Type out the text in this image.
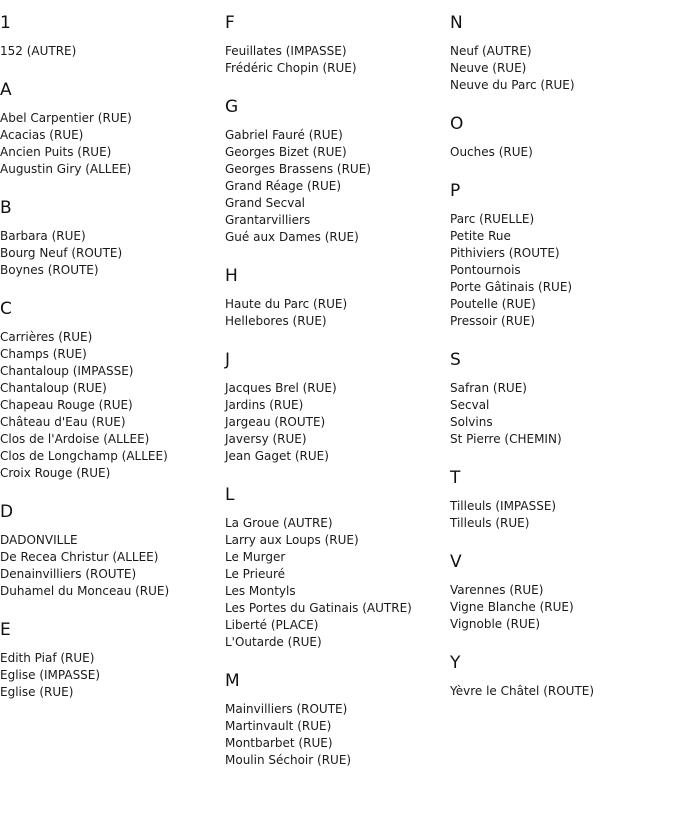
1
152 (AUTRE)
A
Abel Carpentier (RUE)
Acacias (RUE)
Ancien Puits (RUE)
Augustin Giry (ALLEE)
B
Barbara (RUE)
Bourg Neuf (ROUTE)
Boynes (ROUTE)
C
Carrières (RUE)
Champs (RUE)
Chantaloup (IMPASSE)
Chantaloup (RUE)
Chapeau Rouge (RUE)
Château d'Eau (RUE)
Clos de l'Ardoise (ALLEE)
Clos de Longchamp (ALLEE)
Croix Rouge (RUE)
D
DADONVILLE
De Recea Christur (ALLEE)
Denainvilliers (ROUTE)
Duhamel du Monceau (RUE)
E
Edith Piaf (RUE)
Eglise (IMPASSE)
Eglise (RUE)
F
Feuillates (IMPASSE)
Frédéric Chopin (RUE)
G
Gabriel Fauré (RUE)
Georges Bizet (RUE)
Georges Brassens (RUE)
Grand Réage (RUE)
Grand Secval
Grantarvilliers
Gué aux Dames (RUE)
H
Haute du Parc (RUE)
Hellebores (RUE)
J
Jacques Brel (RUE)
Jardins (RUE)
Jargeau (ROUTE)
Javersy (RUE)
Jean Gaget (RUE)
L
La Groue (AUTRE)
Larry aux Loups (RUE)
Le Murger
Le Prieuré
Les Montyls
Les Portes du Gatinais (AUTRE)
Liberté (PLACE)
L'Outarde (RUE)
M
Mainvilliers (ROUTE)
Martinvault (RUE)
Montbarbet (RUE)
Moulin Séchoir (RUE)
N
Neuf (AUTRE)
Neuve (RUE)
Neuve du Parc (RUE)
O
Ouches (RUE)
P
Parc (RUELLE)
Petite Rue
Pithiviers (ROUTE)
Pontournois
Porte Gâtinais (RUE)
Poutelle (RUE)
Pressoir (RUE)
S
Safran (RUE)
Secval
Solvins
St Pierre (CHEMIN)
T
Tilleuls (IMPASSE)
Tilleuls (RUE)
V
Varennes (RUE)
Vigne Blanche (RUE)
Vignoble (RUE)
Y
Yèvre le Châtel (ROUTE)
